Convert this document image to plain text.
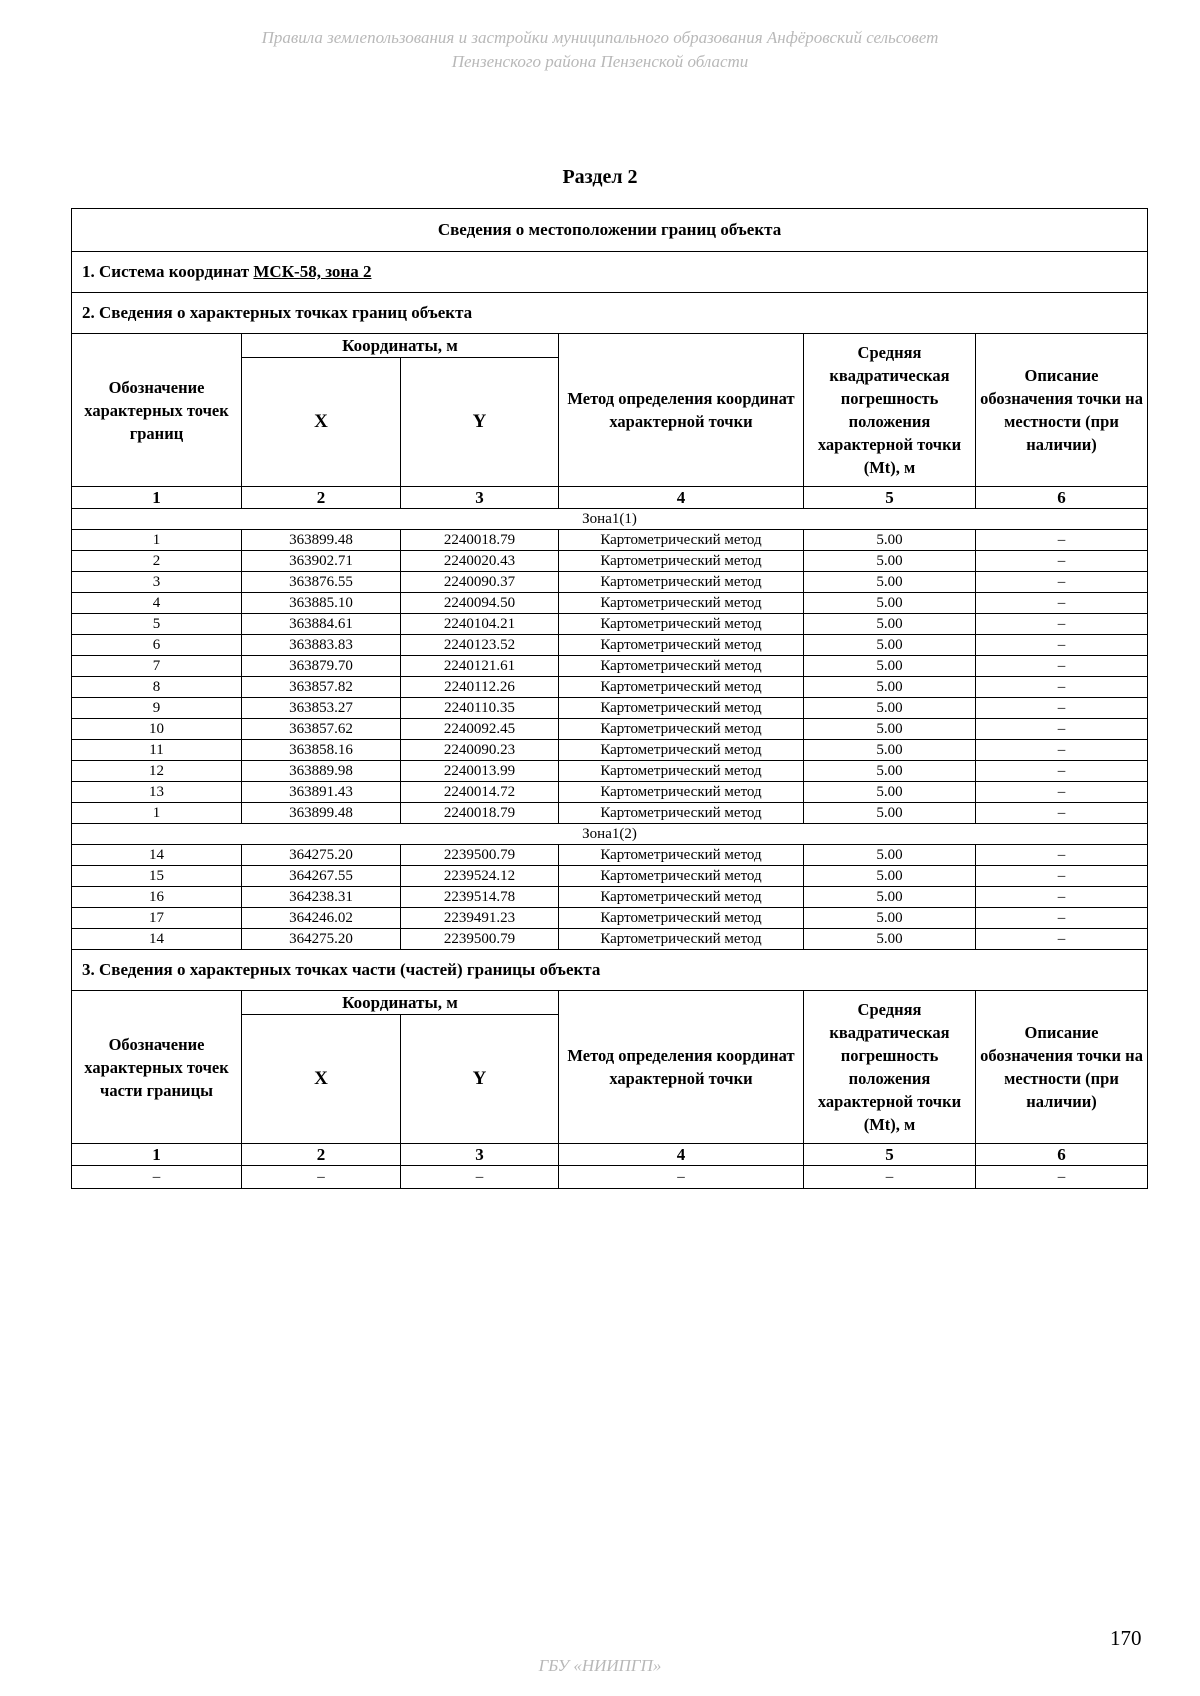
Правила землепользования и застройки муниципального образования Анфёровский сельсовет
Пензенского района Пензенской области
Раздел 2
Сведения о местоположении границ объекта					
1. Система координат МСК-58, зона 2					
2. Сведения о характерных точках границ объекта					
Обозначение характерных точек границ	Координаты, м		Метод определения координат характерной точки	Средняя квадратическая погрешность положения характерной точки (Mt), м	Описание обозначения точки на местности (при наличии)
	X	Y			
1	2	3	4	5	6
Зона1(1)					
1	363899.48	2240018.79	Картометрический метод	5.00	–
2	363902.71	2240020.43	Картометрический метод	5.00	–
3	363876.55	2240090.37	Картометрический метод	5.00	–
4	363885.10	2240094.50	Картометрический метод	5.00	–
5	363884.61	2240104.21	Картометрический метод	5.00	–
6	363883.83	2240123.52	Картометрический метод	5.00	–
7	363879.70	2240121.61	Картометрический метод	5.00	–
8	363857.82	2240112.26	Картометрический метод	5.00	–
9	363853.27	2240110.35	Картометрический метод	5.00	–
10	363857.62	2240092.45	Картометрический метод	5.00	–
11	363858.16	2240090.23	Картометрический метод	5.00	–
12	363889.98	2240013.99	Картометрический метод	5.00	–
13	363891.43	2240014.72	Картометрический метод	5.00	–
1	363899.48	2240018.79	Картометрический метод	5.00	–
Зона1(2)					
14	364275.20	2239500.79	Картометрический метод	5.00	–
15	364267.55	2239524.12	Картометрический метод	5.00	–
16	364238.31	2239514.78	Картометрический метод	5.00	–
17	364246.02	2239491.23	Картометрический метод	5.00	–
14	364275.20	2239500.79	Картометрический метод	5.00	–
3. Сведения о характерных точках части (частей) границы объекта					
Обозначение характерных точек части границы	Координаты, м		Метод определения координат характерной точки	Средняя квадратическая погрешность положения характерной точки (Mt), м	Описание обозначения точки на местности (при наличии)
	X	Y			
1	2	3	4	5	6
–	–	–	–	–	–
170
ГБУ «НИИПГП»
